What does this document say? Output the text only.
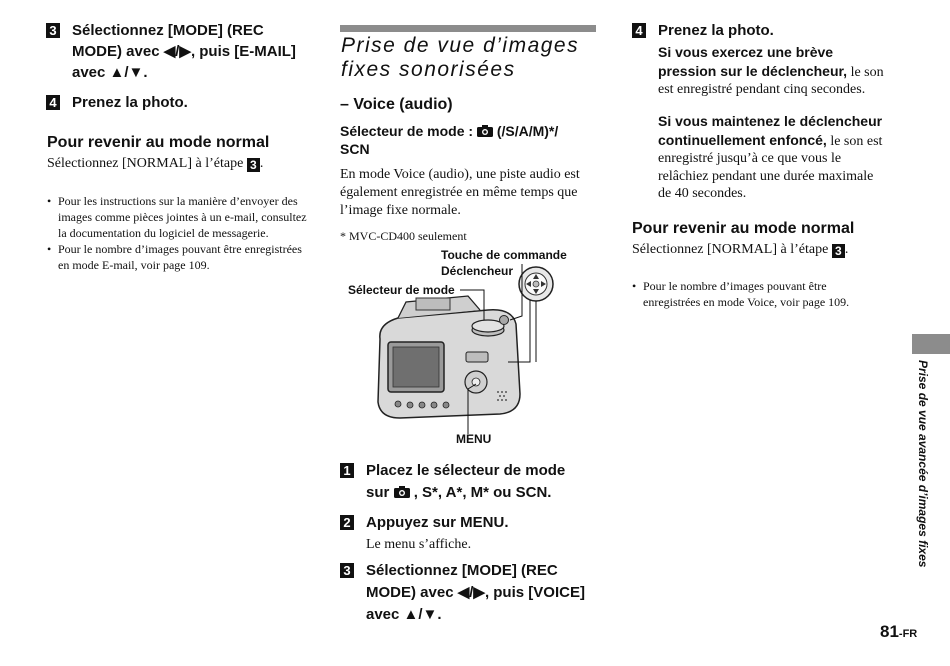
3 Sélectionnez [MODE] (REC MODE) avec ◀/▶, puis [E-MAIL] avec ▲/▼.
4 Prenez la photo.
Pour revenir au mode normal
Sélectionnez [NORMAL] à l’étape 3 .
• Pour les instructions sur la manière d’envoyer des images comme pièces jointes à un e-mail, consultez la documentation du logiciel de messagerie.
• Pour le nombre d’images pouvant être enregistrées en mode E-mail, voir page 109.
Prise de vue d’images
fixes sonorisées
– Voice (audio)
Sélecteur de mode : (/S/A/M)*/
SCN
En mode Voice (audio), une piste audio est également enregistrée en même temps que l’image fixe normale.
* MVC-CD400 seulement
Touche de commande
Déclencheur
Sélecteur de mode
MENU
1 Placez le sélecteur de mode
sur , S*, A*, M* ou SCN.
2 Appuyez sur MENU.
Le menu s’affiche.
3 Sélectionnez [MODE] (REC MODE) avec ◀/▶, puis [VOICE] avec ▲/▼.
4 Prenez la photo.
Si vous exercez une brève pression sur le déclencheur, le son est enregistré pendant cinq secondes.
Si vous maintenez le déclencheur continuellement enfoncé, le son est enregistré jusqu’à ce que vous le relâchiez pendant une durée maximale de 40 secondes.
Pour revenir au mode normal
Sélectionnez [NORMAL] à l’étape 3 .
• Pour le nombre d’images pouvant être enregistrées en mode Voice, voir page 109.
Prise de vue avancée d’images fixes
81-FR
